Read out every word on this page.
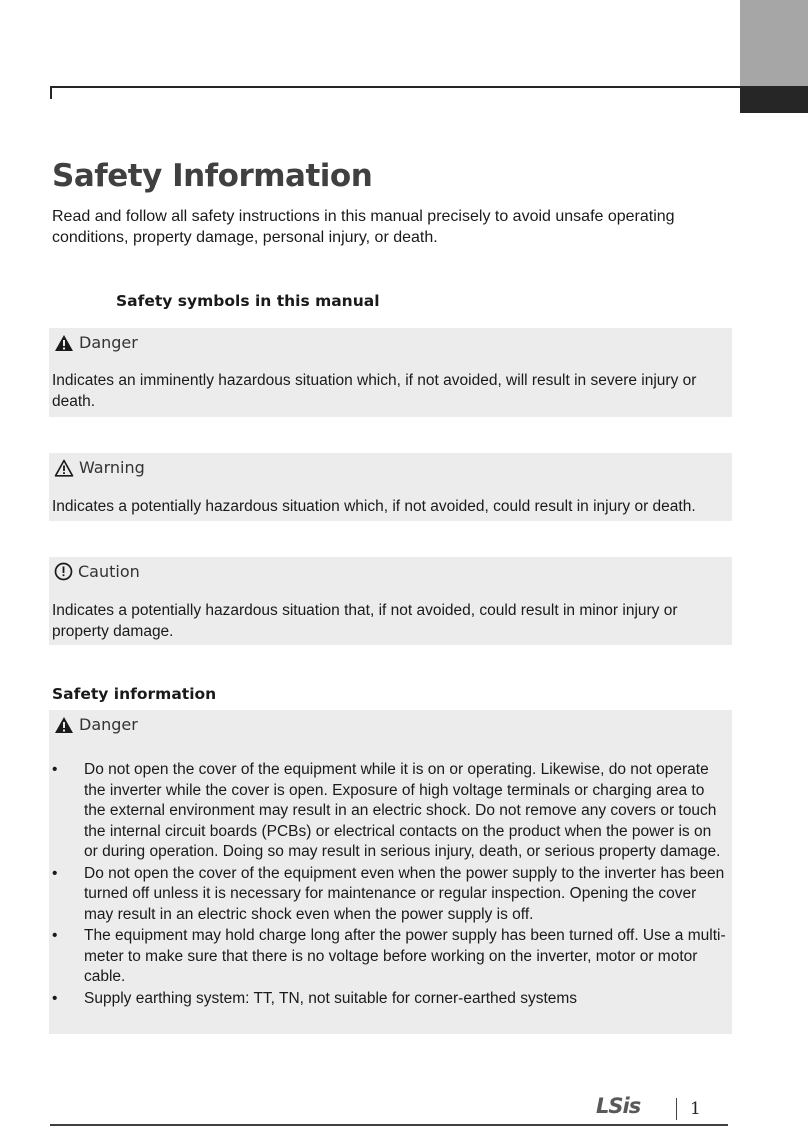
Safety Information

Read and follow all safety instructions in this manual precisely to avoid unsafe operating conditions, property damage, personal injury, or death.

Safety symbols in this manual
Danger

Indicates an imminently hazardous situation which, if not avoided, will result in severe injury or death.

Warning

Indicates a potentially hazardous situation which, if not avoided, could result in injury or death.

Caution

Indicates a potentially hazardous situation that, if not avoided, could result in minor injury or property damage.

Safety information
Danger
• Do not open the cover of the equipment while it is on or operating. Likewise, do not operate the inverter while the cover is open. Exposure of high voltage terminals or charging area to the external environment may result in an electric shock. Do not remove any covers or touch the internal circuit boards (PCBs) or electrical contacts on the product when the power is on or during operation. Doing so may result in serious injury, death, or serious property damage.
• Do not open the cover of the equipment even when the power supply to the inverter has been turned off unless it is necessary for maintenance or regular inspection. Opening the cover may result in an electric shock even when the power supply is off.
• The equipment may hold charge long after the power supply has been turned off. Use a multi-meter to make sure that there is no voltage before working on the inverter, motor or motor cable.
• Supply earthing system: TT, TN, not suitable for corner-earthed systems
LSis	1
